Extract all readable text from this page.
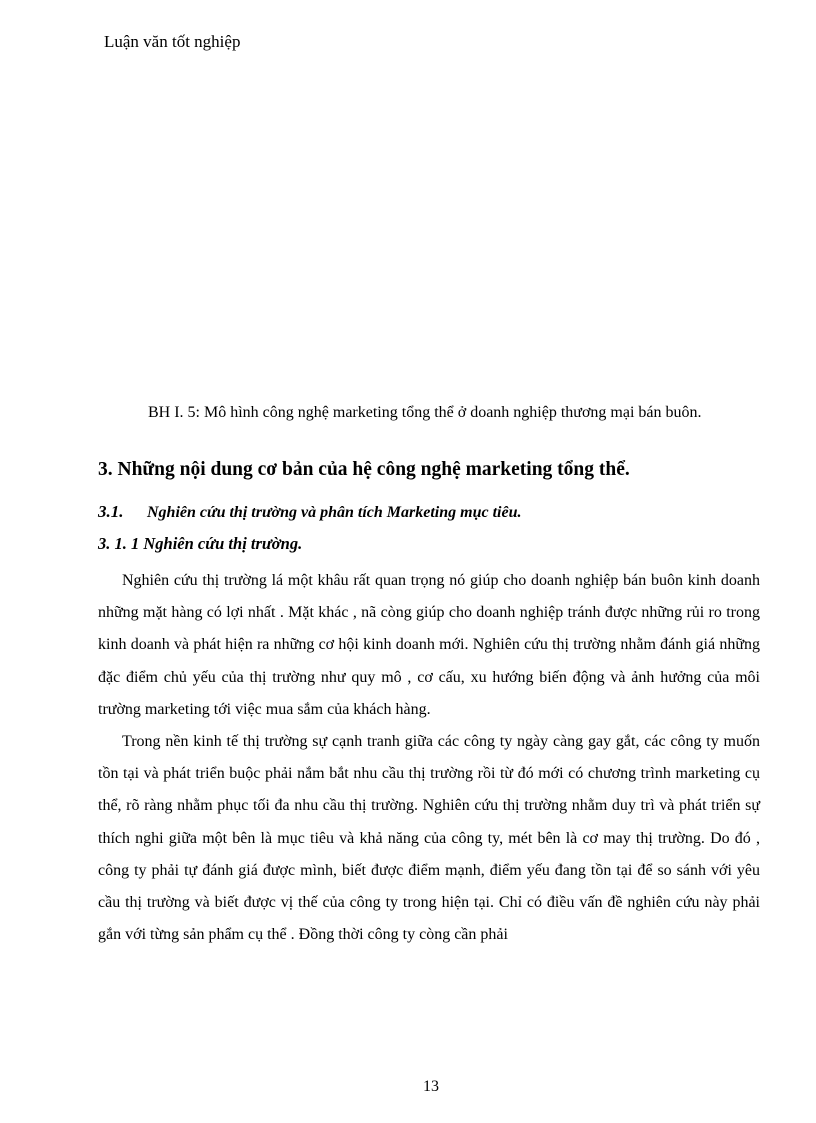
Luận văn tốt nghiệp
BH I. 5: Mô hình công nghệ marketing tổng thể ở doanh nghiệp thương mại bán buôn.
3. Những nội dung cơ bản của hệ công nghệ marketing tổng thể.
3.1. Nghiên cứu thị trường và phân tích Marketing mục tiêu.
3. 1. 1 Nghiên cứu thị trường.

Nghiên cứu thị trường lá một khâu rất quan trọng nó giúp cho doanh nghiệp bán buôn kinh doanh những mặt hàng có lợi nhất . Mặt khác , nã còng giúp cho doanh nghiệp tránh được những rủi ro trong kinh doanh và phát hiện ra những cơ hội kinh doanh mới. Nghiên cứu thị trường nhằm đánh giá những đặc điểm chủ yếu của thị trường như quy mô , cơ cấu, xu hướng biến động và ảnh hưởng của môi trường marketing tới việc mua sắm của khách hàng.

Trong nền kinh tế thị trường sự cạnh tranh giữa các công ty ngày càng gay gắt, các công ty muốn tồn tại và phát triển buộc phải nắm bắt nhu cầu thị trường rồi từ đó mới có chương trình marketing cụ thể, rõ ràng nhằm phục tối đa nhu cầu thị trường. Nghiên cứu thị trường nhằm duy trì và phát triển sự thích nghi giữa một bên là mục tiêu và khả năng của công ty, mét bên là cơ may thị trường. Do đó , công ty phải tự đánh giá được mình, biết được điểm mạnh, điểm yếu đang tồn tại để so sánh với yêu cầu thị trường và biết được vị thế của công ty trong hiện tại. Chỉ có điều vấn đề nghiên cứu này phải gắn với từng sản phẩm cụ thể . Đồng thời công ty còng cần phải

13
